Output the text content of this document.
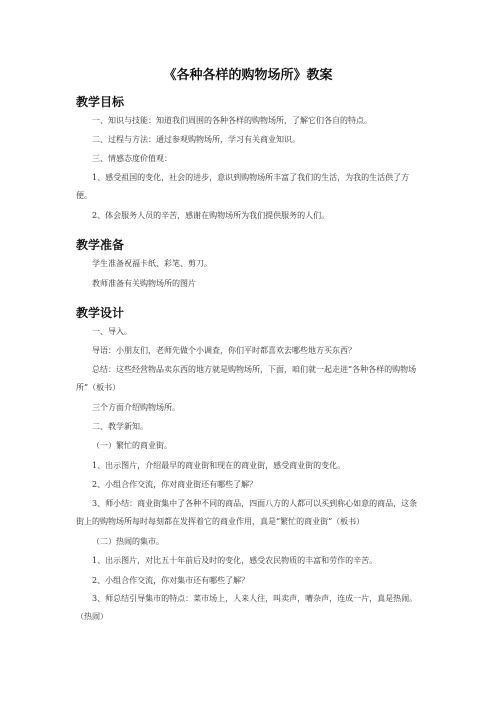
《各种各样的购物场所》教案
教学目标
一、知识与技能：知道我们周围的各种各样的购物场所，了解它们各自的特点。
二、过程与方法：通过参观购物场所，学习有关商业知识。
三、情感态度价值观：
1、感受祖国的变化，社会的进步，意识到购物场所丰富了我们的生活，为我的生活供了方便。
2、体会服务人员的辛苦，感谢在购物场所为我们提供服务的人们。
教学准备
学生准备祝福卡纸、彩笔、剪刀。
教师准备有关购物场所的图片
教学设计
一、导入。
导语：小朋友们，老师先做个小调查，你们平时都喜欢去哪些地方买东西？
总结：这些经营物品卖东西的地方就是购物场所，下面，咱们就一起走进“各种各样的购物场所”（板书）
三个方面介绍购物场所。
二、教学新知。
（一）繁忙的商业街。
1、出示图片，介绍最早的商业街和现在的商业街，感受商业街的变化。
2、小组合作交流，你对商业街还有哪些了解？
3、师小结：商业街集中了各种不同的商品，四面八方的人都可以买到称心如意的商品，这条街上的购物场所每时每刻都在发挥着它的商业作用，真是“繁忙的商业街”（板书）
（二）热闹的集市。
1、出示图片，对比五十年前后及时的变化，感受农民物质的丰富和劳作的辛苦。
2、小组合作交流，你对集市还有哪些了解？
3、师总结引导集市的特点：菜市场上，人来人往，叫卖声，嘈杂声，连成一片，真是热闹。（热闹）
